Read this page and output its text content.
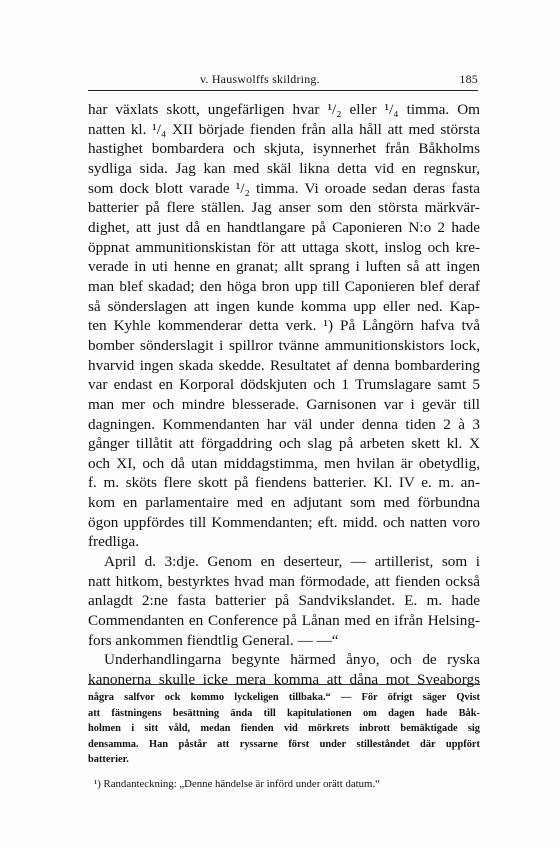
v. Hauswolffs skildring.	185

har växlats skott, ungefärligen hvar ¹/₂ eller ¹/₄ timma. Om
natten kl. ¹/₄ XII började fienden från alla håll att med största
hastighet bombardera och skjuta, isynnerhet från Båkholms
sydliga sida. Jag kan med skäl likna detta vid en regnskur,
som dock blott varade ¹/₂ timma. Vi oroade sedan deras fasta
batterier på flere ställen. Jag anser som den största märkvär-
dighet, att just då en handtlangare på Caponieren N:o 2 hade
öppnat ammunitionskistan för att uttaga skott, inslog och kre-
verade in uti henne en granat; allt sprang i luften så att ingen
man blef skadad; den höga bron upp till Caponieren blef deraf
så sönderslagen att ingen kunde komma upp eller ned. Kap-
ten Kyhle kommenderar detta verk. ¹) På Långörn hafva två
bomber sönderslagit i spillror tvänne ammunitionskistors lock,
hvarvid ingen skada skedde. Resultatet af denna bombardering
var endast en Korporal dödskjuten och 1 Trumslagare samt 5
man mer och mindre blesserade. Garnisonen var i gevär till
dagningen. Kommendanten har väl under denna tiden 2 à 3
gånger tillåtit att förgaddring och slag på arbeten skett kl. X
och XI, och då utan middagstimma, men hvilan är obetydlig,
f. m. sköts flere skott på fiendens batterier. Kl. IV e. m. an-
kom en parlamentaire med en adjutant som med förbundna
ögon uppfördes till Kommendanten; eft. midd. och natten voro
fredliga.

April d. 3:dje. Genom en deserteur, — artillerist, som i
natt hitkom, bestyrktes hvad man förmodade, att fienden också
anlagdt 2:ne fasta batterier på Sandvikslandet. E. m. hade
Commendanten en Conference på Lånan med en ifrån Helsing-
fors ankommen fiendtlig General. — —“

Underhandlingarna begynte härmed ånyo, och de ryska
kanonerna skulle icke mera komma att dåna mot Sveaborgs

några salfvor ock kommo lyckeligen tillbaka.“ — För öfrigt säger Qvist
att fästningens besättning ända till kapitulationen om dagen hade Båk-
holmen i sitt våld, medan fienden vid mörkrets inbrott bemäktigade sig
densamma. Han påstår att ryssarne först under stilleståndet där uppfört
batterier.
¹) Randanteckning: „Denne händelse är införd under orätt datum.“
